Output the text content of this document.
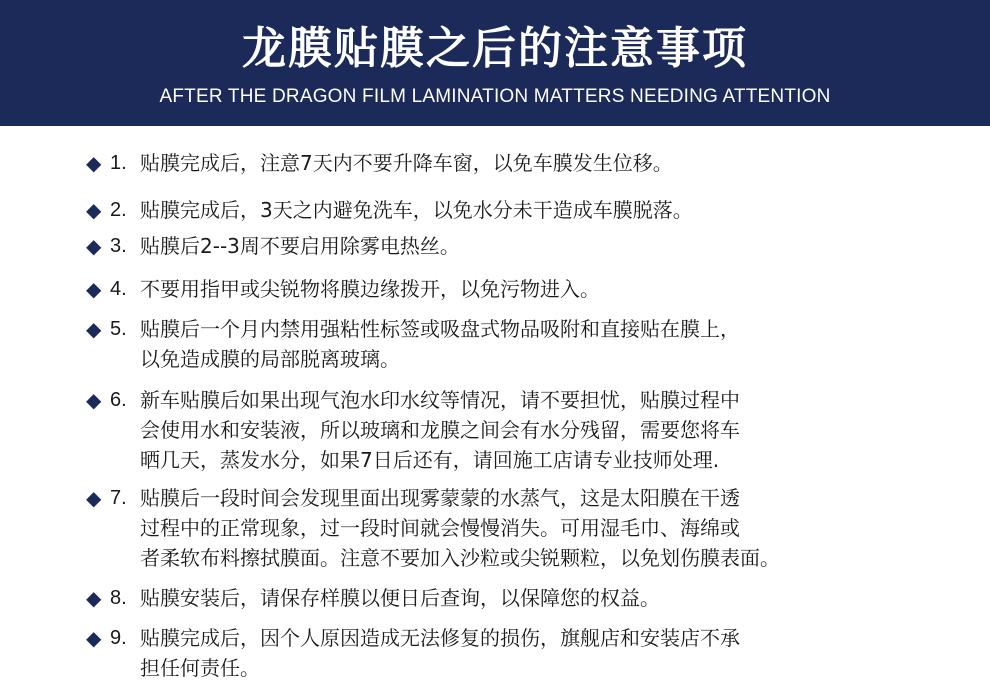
龙膜贴膜之后的注意事项
AFTER THE DRAGON FILM LAMINATION MATTERS NEEDING ATTENTION
◆ 1. 贴膜完成后，注意7天内不要升降车窗，以免车膜发生位移。
◆ 2. 贴膜完成后，3天之内避免洗车，以免水分未干造成车膜脱落。
◆ 3. 贴膜后2--3周不要启用除雾电热丝。
◆ 4. 不要用指甲或尖锐物将膜边缘拨开，以免污物进入。
◆ 5. 贴膜后一个月内禁用强粘性标签或吸盘式物品吸附和直接贴在膜上，
以免造成膜的局部脱离玻璃。
◆ 6. 新车贴膜后如果出现气泡水印水纹等情况，请不要担忧，贴膜过程中
会使用水和安装液，所以玻璃和龙膜之间会有水分残留，需要您将车
晒几天，蒸发水分，如果7日后还有，请回施工店请专业技师处理.
◆ 7. 贴膜后一段时间会发现里面出现雾蒙蒙的水蒸气，这是太阳膜在干透
过程中的正常现象，过一段时间就会慢慢消失。可用湿毛巾、海绵或
者柔软布料擦拭膜面。注意不要加入沙粒或尖锐颗粒，以免划伤膜表面。
◆ 8. 贴膜安装后，请保存样膜以便日后查询，以保障您的权益。
◆ 9. 贴膜完成后，因个人原因造成无法修复的损伤，旗舰店和安装店不承
担任何责任。
